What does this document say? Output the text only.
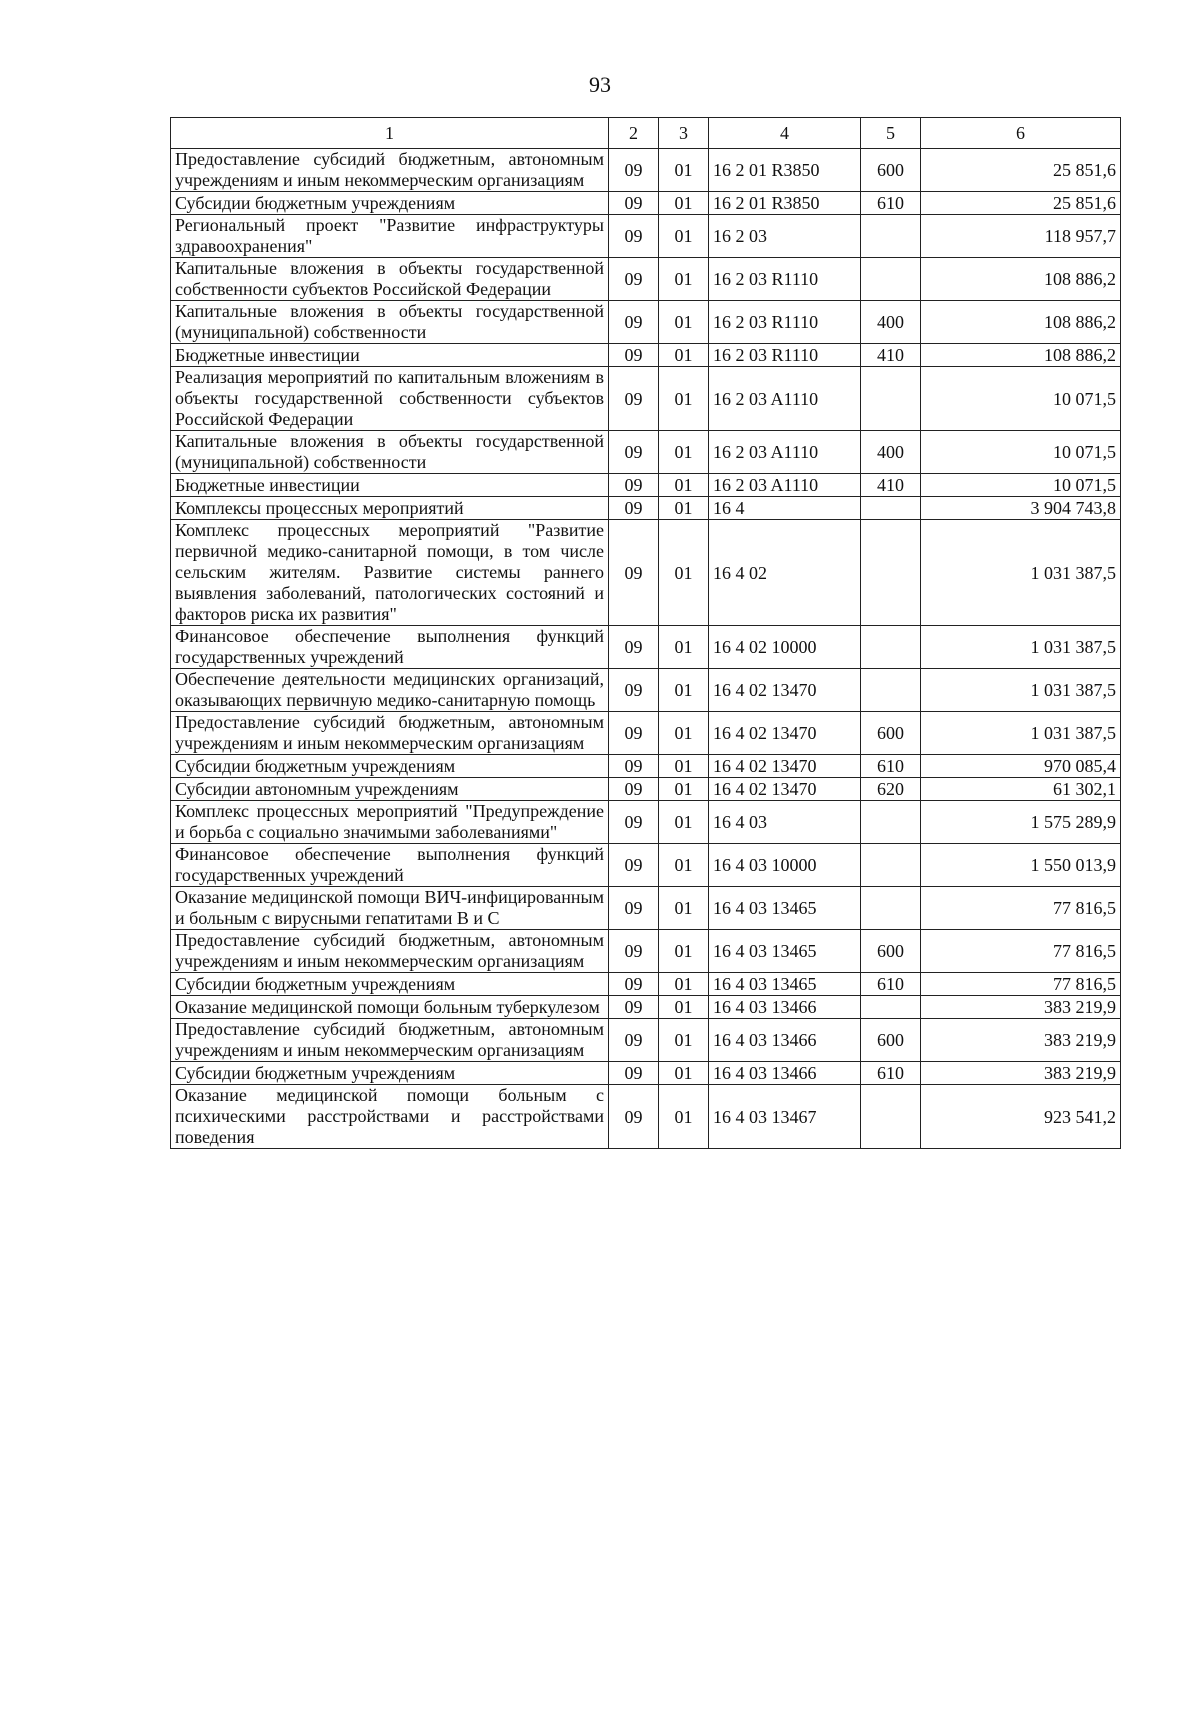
93
1	2	3	4	5	6
Предоставление субсидий бюджетным, автономным учреждениям и иным некоммерческим организациям	09	01	16 2 01 R3850	600	25 851,6
Субсидии бюджетным учреждениям	09	01	16 2 01 R3850	610	25 851,6
Региональный проект "Развитие инфраструктуры здравоохранения"	09	01	16 2 03		118 957,7
Капитальные вложения в объекты государственной собственности субъектов Российской Федерации	09	01	16 2 03 R1110		108 886,2
Капитальные вложения в объекты государственной (муниципальной) собственности	09	01	16 2 03 R1110	400	108 886,2
Бюджетные инвестиции	09	01	16 2 03 R1110	410	108 886,2
Реализация мероприятий по капитальным вложениям в объекты государственной собственности субъектов Российской Федерации	09	01	16 2 03 A1110		10 071,5
Капитальные вложения в объекты государственной (муниципальной) собственности	09	01	16 2 03 A1110	400	10 071,5
Бюджетные инвестиции	09	01	16 2 03 A1110	410	10 071,5
Комплексы процессных мероприятий	09	01	16 4		3 904 743,8
Комплекс процессных мероприятий "Развитие первичной медико-санитарной помощи, в том числе сельским жителям. Развитие системы раннего выявления заболеваний, патологических состояний и факторов риска их развития"	09	01	16 4 02		1 031 387,5
Финансовое обеспечение выполнения функций государственных учреждений	09	01	16 4 02 10000		1 031 387,5
Обеспечение деятельности медицинских организаций, оказывающих первичную медико-санитарную помощь	09	01	16 4 02 13470		1 031 387,5
Предоставление субсидий бюджетным, автономным учреждениям и иным некоммерческим организациям	09	01	16 4 02 13470	600	1 031 387,5
Субсидии бюджетным учреждениям	09	01	16 4 02 13470	610	970 085,4
Субсидии автономным учреждениям	09	01	16 4 02 13470	620	61 302,1
Комплекс процессных мероприятий "Предупреждение и борьба с социально значимыми заболеваниями"	09	01	16 4 03		1 575 289,9
Финансовое обеспечение выполнения функций государственных учреждений	09	01	16 4 03 10000		1 550 013,9
Оказание медицинской помощи ВИЧ-инфицированным и больным с вирусными гепатитами В и С	09	01	16 4 03 13465		77 816,5
Предоставление субсидий бюджетным, автономным учреждениям и иным некоммерческим организациям	09	01	16 4 03 13465	600	77 816,5
Субсидии бюджетным учреждениям	09	01	16 4 03 13465	610	77 816,5
Оказание медицинской помощи больным туберкулезом	09	01	16 4 03 13466		383 219,9
Предоставление субсидий бюджетным, автономным учреждениям и иным некоммерческим организациям	09	01	16 4 03 13466	600	383 219,9
Субсидии бюджетным учреждениям	09	01	16 4 03 13466	610	383 219,9
Оказание медицинской помощи больным с психическими расстройствами и расстройствами поведения	09	01	16 4 03 13467		923 541,2
